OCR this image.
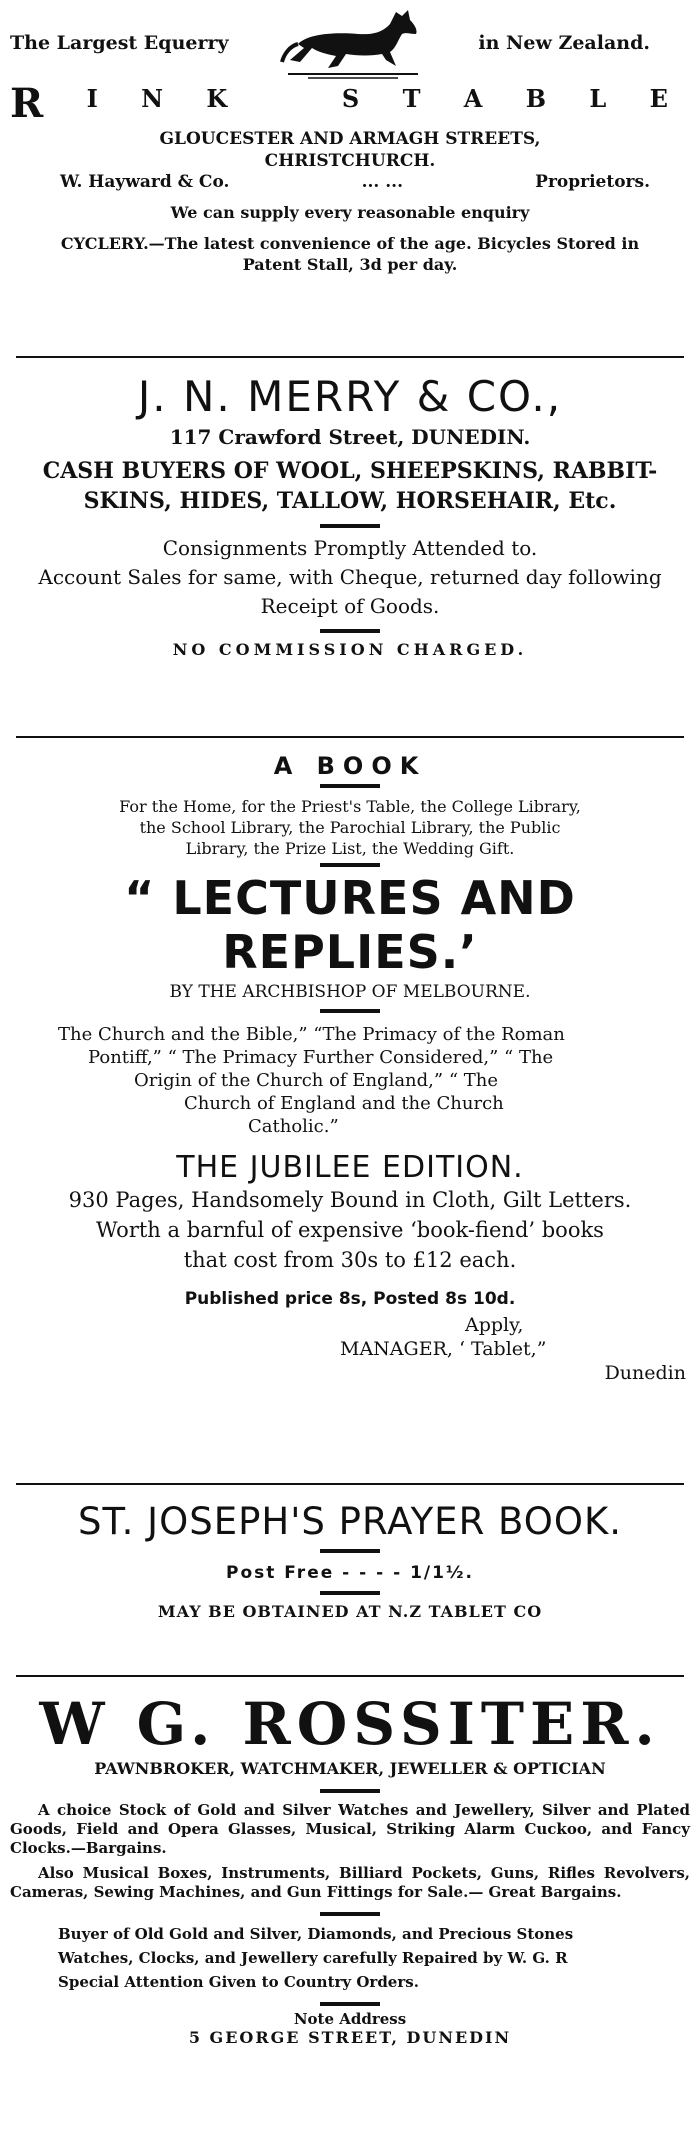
The Largest Equerry	in New Zealand.
R I N K	S T A B L E
GLOUCESTER AND ARMAGH STREETS,
CHRISTCHURCH.
W. Hayward & Co.	... ...	Proprietors.
We can supply every reasonable enquiry
CYCLERY.—The latest convenience of the age. Bicycles Stored in
Patent Stall, 3d per day.
J. N. MERRY & CO.,
117 Crawford Street, DUNEDIN.
CASH BUYERS OF WOOL, SHEEPSKINS, RABBIT-
SKINS, HIDES, TALLOW, HORSEHAIR, Etc.
Consignments Promptly Attended to.
Account Sales for same, with Cheque, returned day following
Receipt of Goods.
NO COMMISSION CHARGED.
A BOOK
For the Home, for the Priest's Table, the College Library,
the School Library, the Parochial Library, the Public
Library, the Prize List, the Wedding Gift.
“ LECTURES AND REPLIES.’
BY THE ARCHBISHOP OF MELBOURNE.
The Church and the Bible,” “The Primacy of the Roman
Pontiff,” “ The Primacy Further Considered,” “ The
Origin of the Church of England,” “ The
Church of England and the Church
Catholic.”
THE JUBILEE EDITION.
930 Pages, Handsomely Bound in Cloth, Gilt Letters.
Worth a barnful of expensive ‘book-fiend’ books
that cost from 30s to £12 each.
Published price 8s, Posted 8s 10d.
Apply,
MANAGER, ‘ Tablet,”
Dunedin
ST. JOSEPH'S PRAYER BOOK.
Post Free - - - - 1/1½.
MAY BE OBTAINED AT N.Z TABLET CO
W G. ROSSITER.
PAWNBROKER, WATCHMAKER, JEWELLER & OPTICIAN
A choice Stock of Gold and Silver Watches and Jewellery, Silver and Plated Goods, Field and Opera Glasses, Musical, Striking Alarm Cuckoo, and Fancy Clocks.—Bargains.
Also Musical Boxes, Instruments, Billiard Pockets, Guns, Rifles Revolvers, Cameras, Sewing Machines, and Gun Fittings for Sale.— Great Bargains.
Buyer of Old Gold and Silver, Diamonds, and Precious Stones
Watches, Clocks, and Jewellery carefully Repaired by W. G. R
Special Attention Given to Country Orders.
Note Address
5 GEORGE STREET, DUNEDIN
